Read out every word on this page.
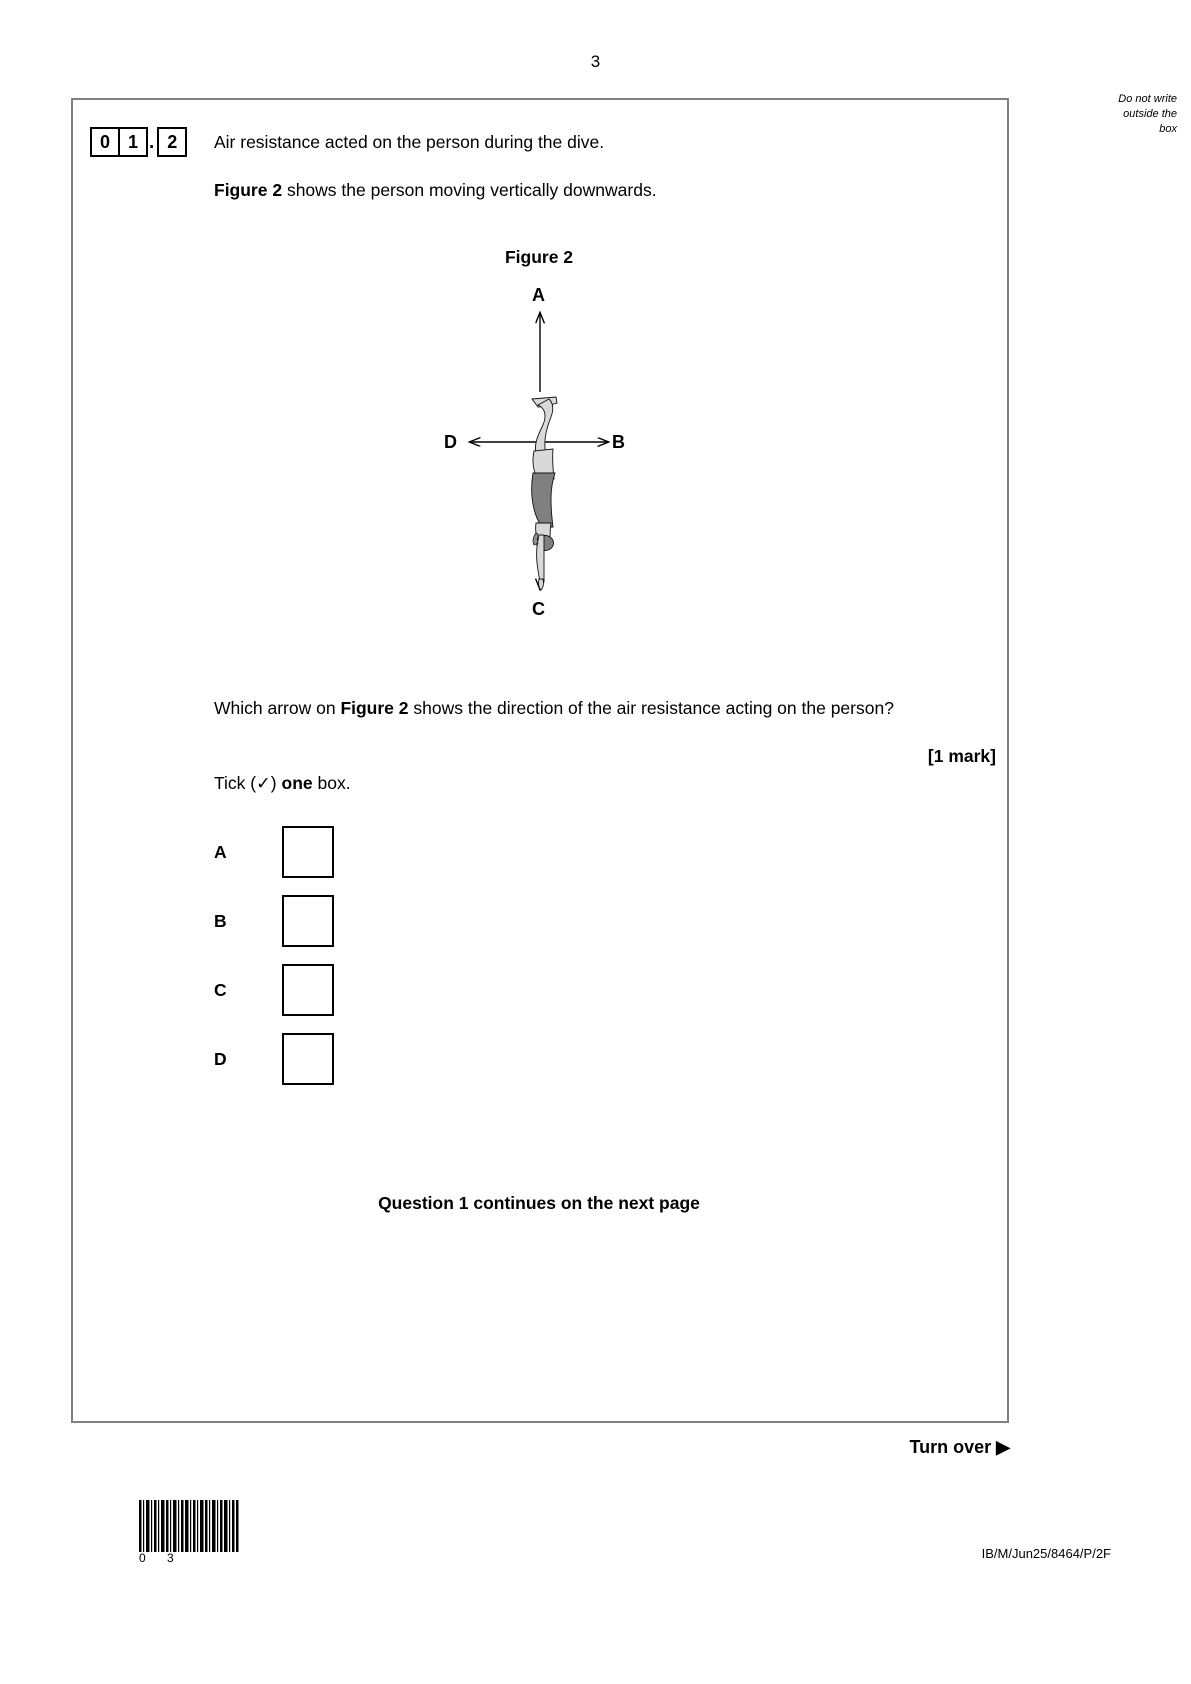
3
Do not write
outside the
box
0 1 . 2	Air resistance acted on the person during the dive.
Figure 2 shows the person moving vertically downwards.
Figure 2
A
B
C
D
Which arrow on Figure 2 shows the direction of the air resistance acting on the person?
[1 mark]
Tick (✓) one box.
A
B
C
D
Question 1 continues on the next page
Turn over ▶
0 3	IB/M/Jun25/8464/P/2F
